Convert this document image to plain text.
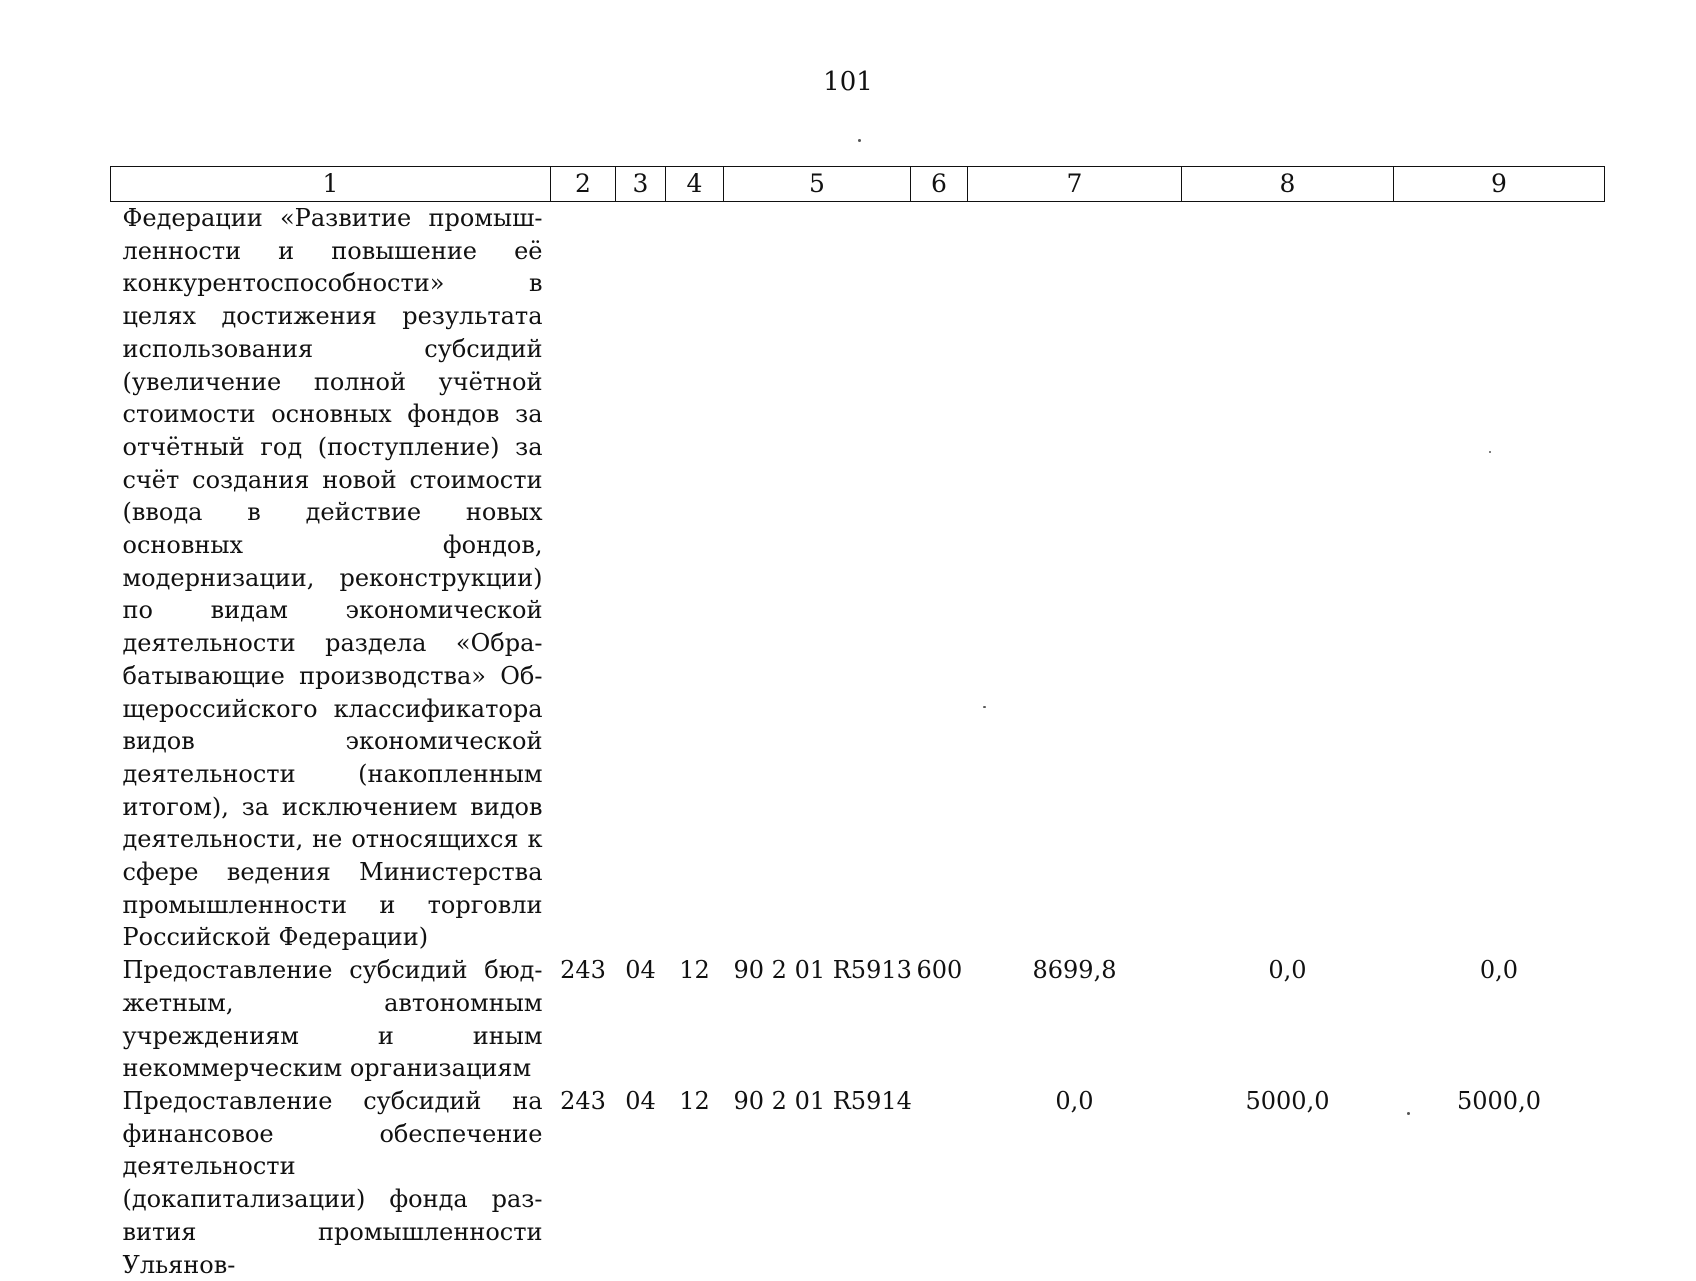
101
1	2	3	4	5	6	7	8	9
Федерации «Развитие промышленности и повышение её конкурентоспособности» в целях достижения результата использования субсидий (увеличение полной учётной стоимости основных фондов за отчётный год (поступление) за счёт создания новой стоимости (ввода в действие новых основных фондов, модернизации, реконструкции) по видам экономической деятельности раздела «Обрабатывающие производства» Общероссийского классификатора видов экономической деятельности (накопленным итогом), за исключением видов деятельности, не относящихся к сфере ведения Министерства промышленности и торговли Российской Федерации)								
Предоставление субсидий бюджетным, автономным учреждениям и иным некоммерческим организациям	243	04	12	90 2 01 R5913	600	8699,8	0,0	0,0
Предоставление субсидий на финансовое обеспечение деятельности (докапитализации) фонда развития промышленности Ульянов-	243	04	12	90 2 01 R5914		0,0	5000,0	5000,0
